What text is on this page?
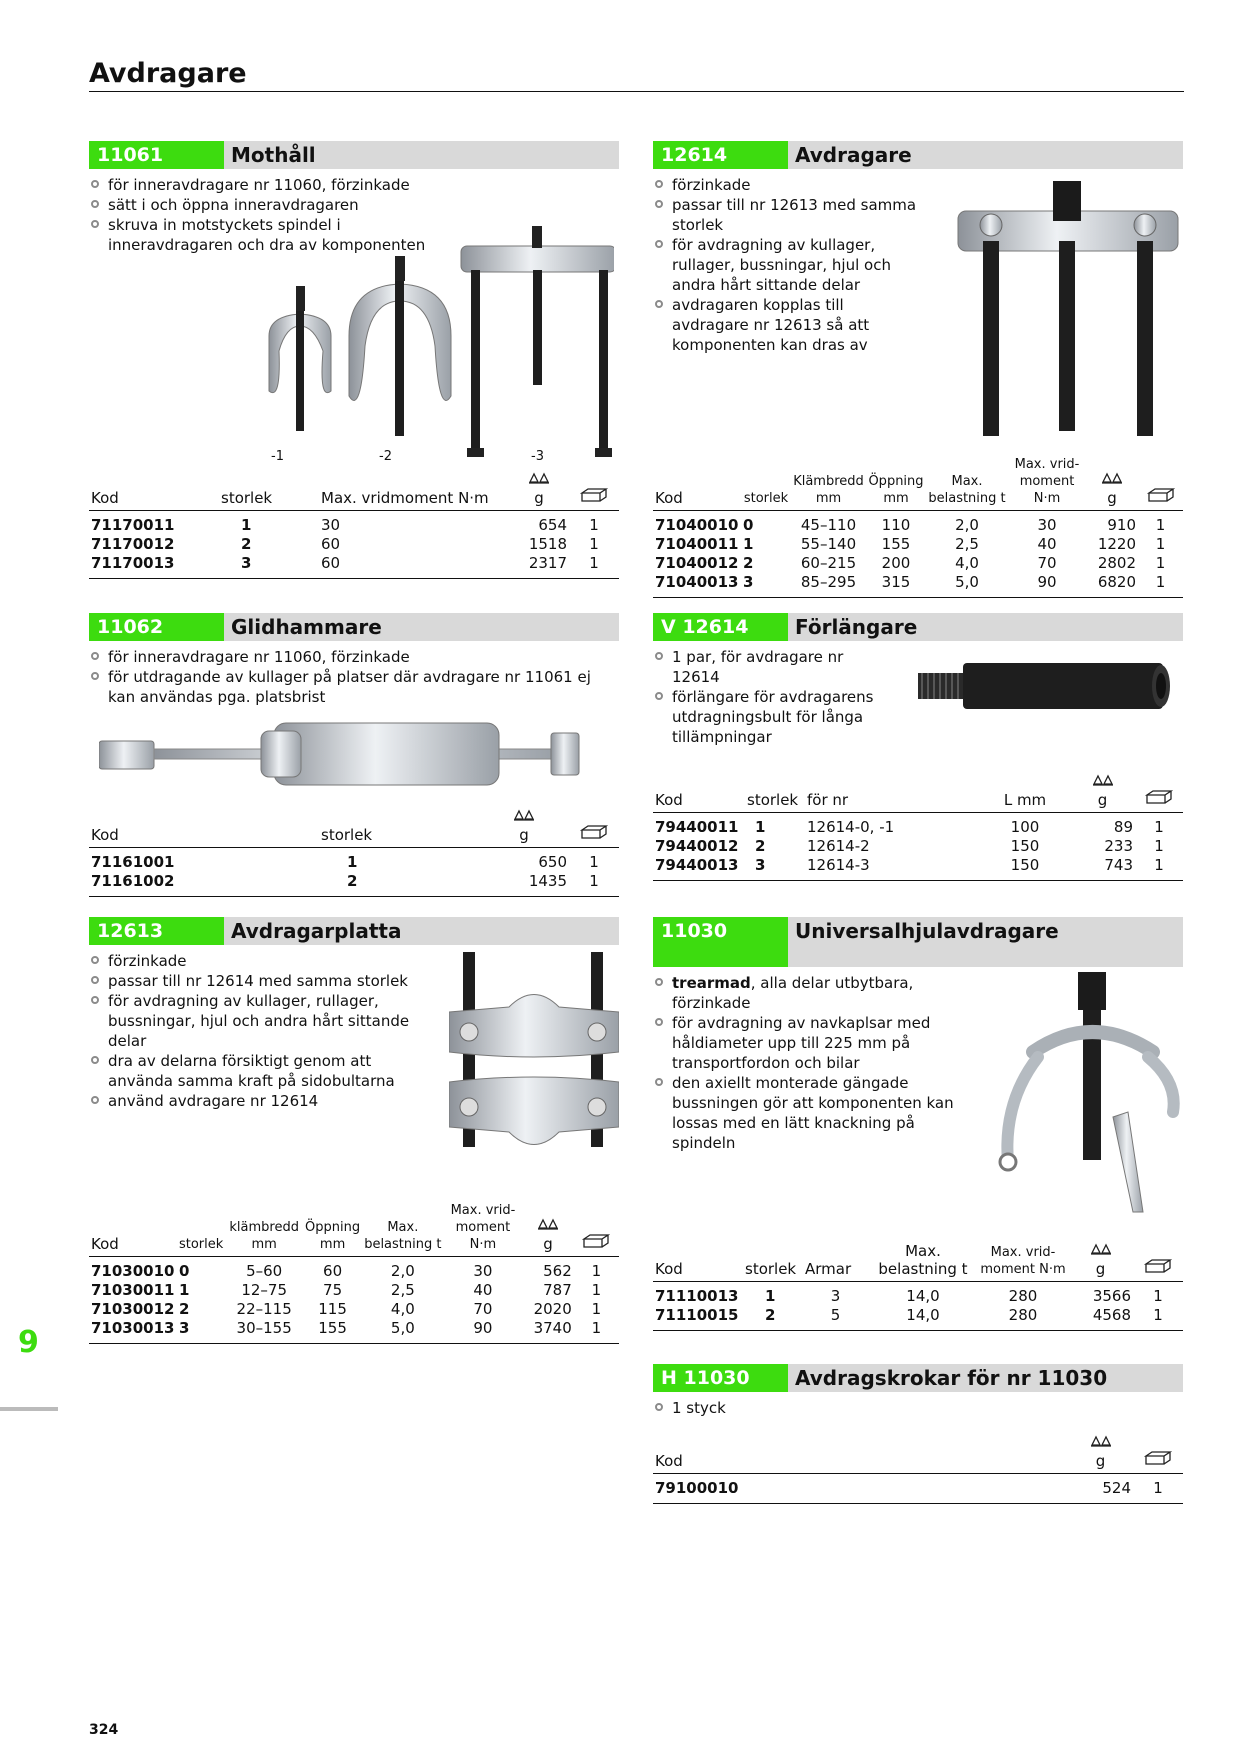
Avdragare
11061	Mothåll
för inneravdragare nr 11060, förzinkade
sätt i och öppna inneravdragaren
skruva in motstyckets spindel i inneravdragaren och dra av komponenten
-1	-2	-3
Kod	storlek	Max. vridmoment N·m	g	
71170011	1	30	654	1
71170012	2	60	1518	1
71170013	3	60	2317	1
12614	Avdragare
förzinkade
passar till nr 12613 med samma storlek
för avdragning av kullager, rullager, bussningar, hjul och andra hårt sittande delar
avdragaren kopplas till avdragare nr 12613 så att komponenten kan dras av
Kod	storlek	Klämbredd mm	Öppning mm	Max. belastning t	Max. vrid-moment N·m	g	
71040010	0	45–110	110	2,0	30	910	1
71040011	1	55–140	155	2,5	40	1220	1
71040012	2	60–215	200	4,0	70	2802	1
71040013	3	85–295	315	5,0	90	6820	1
11062	Glidhammare
för inneravdragare nr 11060, förzinkade
för utdragande av kullager på platser där avdragare nr 11061 ej kan användas pga. platsbrist
Kod	storlek	g	
71161001	1	650	1
71161002	2	1435	1
V 12614	Förlängare
1 par, för avdragare nr 12614
förlängare för avdragarens utdragningsbult för långa tillämpningar
Kod	storlek	för nr	L mm	g	
79440011	1	12614-0, -1	100	89	1
79440012	2	12614-2	150	233	1
79440013	3	12614-3	150	743	1
12613	Avdragarplatta
förzinkade
passar till nr 12614 med samma storlek
för avdragning av kullager, rullager, bussningar, hjul och andra hårt sittande delar
dra av delarna försiktigt genom att använda samma kraft på sidobultarna
använd avdragare nr 12614
Kod	storlek	klämbredd mm	Öppning mm	Max. belastning t	Max. vrid-moment N·m	g	
71030010	0	5–60	60	2,0	30	562	1
71030011	1	12–75	75	2,5	40	787	1
71030012	2	22–115	115	4,0	70	2020	1
71030013	3	30–155	155	5,0	90	3740	1
11030	Universalhjulavdragare
trearmad, alla delar utbytbara, förzinkade
för avdragning av navkaplsar med håldiameter upp till 225 mm på transportfordon och bilar
den axiellt monterade gängade bussningen gör att komponenten kan lossas med en lätt knackning på spindeln
Kod	storlek	Armar	Max. belastning t	Max. vrid-moment N·m	g	
71110013	1	3	14,0	280	3566	1
71110015	2	5	14,0	280	4568	1
H 11030	Avdragskrokar för nr 11030
1 styck
Kod	g	
79100010	524	1
9
324
